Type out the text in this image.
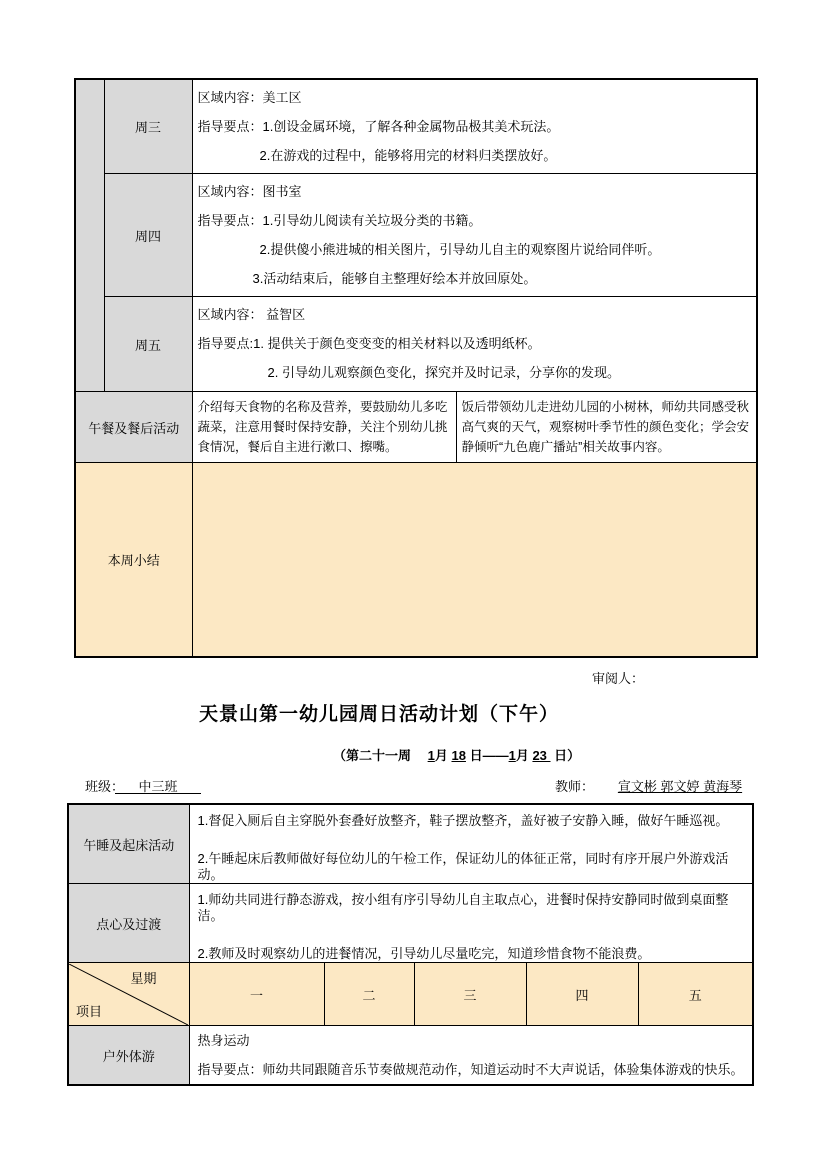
	周三	区域内容：美工区
指导要点：1.创设金属环境，了解各种金属物品极其美术玩法。
2.在游戏的过程中，能够将用完的材料归类摆放好。	

	周四	区域内容：图书室
指导要点：1.引导幼儿阅读有关垃圾分类的书籍。
2.提供傻小熊进城的相关图片，引导幼儿自主的观察图片说给同伴听。
3.活动结束后，能够自主整理好绘本并放回原处。	

	周五	区域内容： 益智区
指导要点:1. 提供关于颜色变变变的相关材料以及透明纸杯。
2. 引导幼儿观察颜色变化，探究并及时记录，分享你的发现。	

午餐及餐后活动		介绍每天食物的名称及营养，要鼓励幼儿多吃蔬菜，注意用餐时保持安静，关注个别幼儿挑食情况，餐后自主进行漱口、擦嘴。	饭后带领幼儿走进幼儿园的小树林，师幼共同感受秋高气爽的天气，观察树叶季节性的颜色变化；学会安静倾听“九色鹿广播站”相关故事内容。
本周小结			
审阅人：
天景山第一幼儿园周日活动计划（下午）
（第二十一周　 1月 18 日——1月 23  日）
班级：	中三班	教师：	宣文彬 郭文婷 黄海琴
午睡及起床活动	1.督促入厕后自主穿脱外套叠好放整齐，鞋子摆放整齐，盖好被子安静入睡，做好午睡巡视。
2.午睡起床后教师做好每位幼儿的午检工作，保证幼儿的体征正常，同时有序开展户外游戏活动。				

点心及过渡	1.师幼共同进行静态游戏，按小组有序引导幼儿自主取点心，进餐时保持安静同时做到桌面整洁。
2.教师及时观察幼儿的进餐情况，引导幼儿尽量吃完，知道珍惜食物不能浪费。				

星期
项目	一	二	三	四	五
户外体游	热身运动
指导要点：师幼共同跟随音乐节奏做规范动作，知道运动时不大声说话，体验集体游戏的快乐。				
